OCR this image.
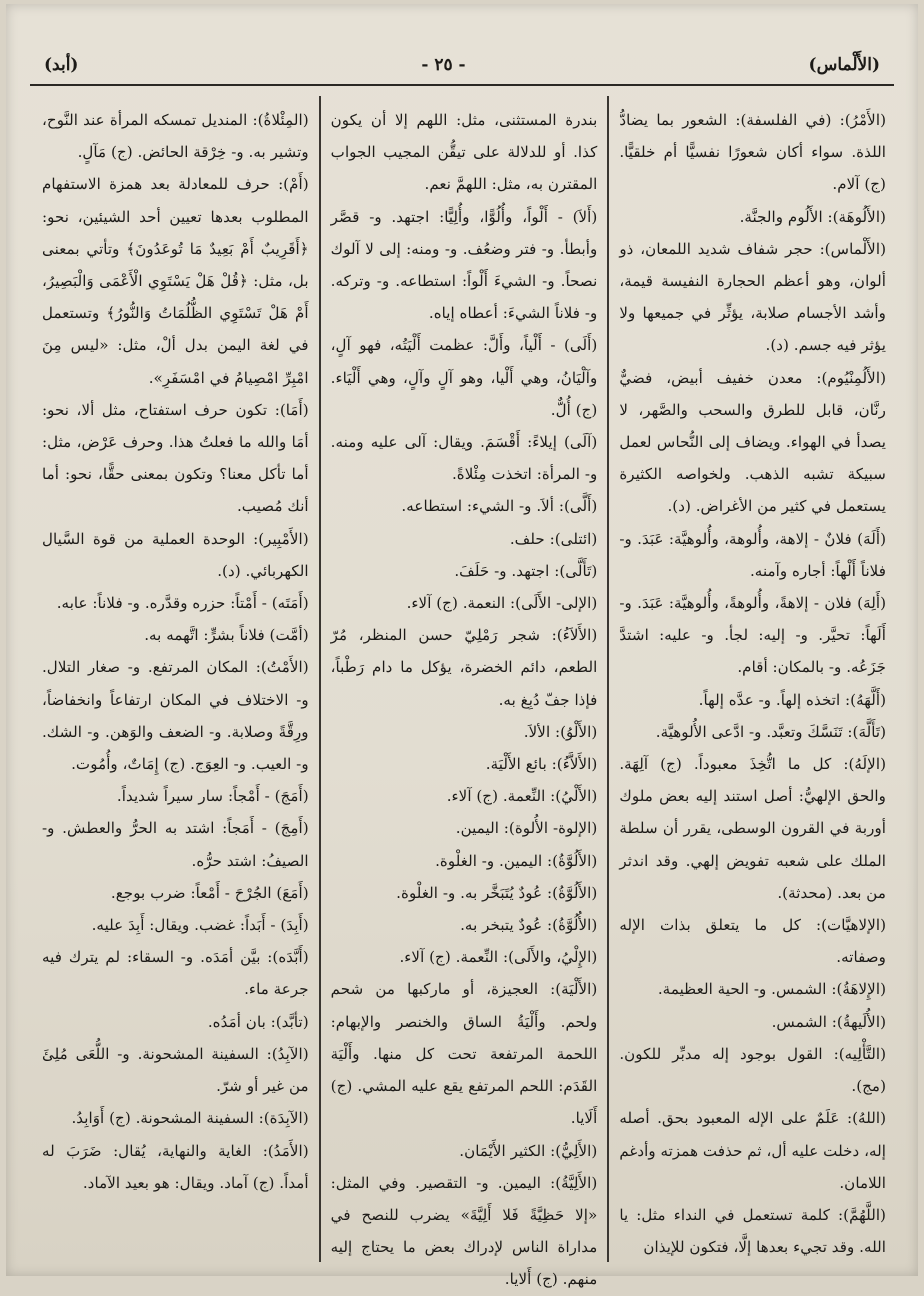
(الأَلْماس)
- ٢٥ -
(أبد)

(الأَمْرُ): (في الفلسفة): الشعور بما يضادُّ اللذة. سواء أكان شعورًا نفسيًّا أم خلقيًّا. (ج) آلام.

(الأَلُوهَة): الأَلُوم والجنَّة.

(الأَلْماس): حجر شفاف شديد اللمعان، ذو ألوان، وهو أعظم الحجارة النفيسة قيمة، وأشد الأجسام صلابة، يؤثِّر في جميعها ولا يؤثر فيه جسم. (د).

(الأَلُمِنْيُوم): معدن خفيف أبيض، فضيٌّ رنَّان، قابل للطرق والسحب والصَّهر، لا يصدأ في الهواء. ويضاف إلى النُّحاس لعمل سبيكة تشبه الذهب. ولخواصه الكثيرة يستعمل في كثير من الأغراض. (د).

(أَلَهَ) فلانٌ - إلاهة، وأُلوهة، وأُلوهيَّة: عَبَدَ. و- فلاناً أَلْهاً: أجاره وآمنه.

(أَلِهَ) فلان - إلاهةً، وأُلوهةً، وأُلوهيَّة: عَبَدَ. و- أَلَهاً: تحيَّر. و- إليه: لجأ. و- عليه: اشتدَّ جَزَعُه. و- بالمكان: أقام.

(أَلَّهَهُ): اتخذه إلهاً. و- عدَّه إلهاً.

(تَأَلَّهَ): تَنَسَّكَ وتعبَّد. و- ادَّعى الأُلوهيَّة.

(الإلَهُ): كل ما اتُّخِذَ معبوداً. (ج) آلِهَة. والحق الإلهيُّ: أصل استند إليه بعض ملوك أوربة في القرون الوسطى، يقرر أن سلطة الملك على شعبه تفويض إلهي. وقد اندثر من بعد. (محدثة).

(الإلاهيَّات): كل ما يتعلق بذات الإله وصفاته.

(الإِلاهَةُ): الشمس. و- الحية العظيمة.

(الأُلَيهةُ): الشمس.

(التَّأْلِيه): القول بوجود إله مدبِّر للكون. (مج).

(اللهُ): عَلَمٌ على الإله المعبود بحق. أصله إله، دخلت عليه أل، ثم حذفت همزته وأدغم اللامان.

(اللَّهُمَّ): كلمة تستعمل في النداء مثل: يا الله. وقد تجيء بعدها إلَّا، فتكون للإيذان

بندرة المستثنى، مثل: اللهم إلا أن يكون كذا. أو للدلالة على تيقُّن المجيب الجواب المقترن به، مثل: اللهمَّ نعم.

(أَلاَ) - أَلْواً، وأُلُوًّا، وأُلِيًّا: اجتهد. و- قصَّر وأبطأ. و- فتر وضعُف. و- ومنه: إلى لا آلوك نصحاً. و- الشيءَ أَلْواً: استطاعه. و- وتركه. و- فلاناً الشيءَ: أعطاه إياه.

(أَلَى) - أَلْياً، وأَلَّ: عظمت أَلْيَتُه، فهو آلٍ، وآلْيَانُ، وهي أَلْيا، وهو آلٍ وآلٍ، وهي أَلْيَاء. (ج) أُلٌّ.

(آلَى) إيلاءً: أَقْسَمَ. ويقال: آلى عليه ومنه. و- المرأة: اتخذت مِئْلاةً.

(أَلَّى): ألاَ. و- الشيء: استطاعه.

(ائتلى): حلف.

(تَأَلَّى): اجتهد. و- حَلَفَ.

(الإلى- الأَلَى): النعمة. (ج) آلاء.

(الأَلاَءُ): شجر رَمْلِيّ حسن المنظر، مُرّ الطعم، دائم الخضرة، يؤكل ما دام رَطْباً، فإذا جفّ دُبِغ به.

(الأَلْوُ): الألاَ.

(الأَلاَّءُ): بائع الأَلْيَة.

(الأَلْيُ): النِّعمة. (ج) آلاء.

(الإلوة- الأُلوة): اليمين.

(الأَلُوَّةُ): اليمين. و- الغلْوة.

(الأَلُوَّةُ): عُودٌ يُتَبَخَّر به. و- الغلْوة.

(الأُلُوَّةُ): عُودٌ يتبخر به.

(الإِلْيُ، والأَلَى): النِّعمة. (ج) آلاء.

(الأَلْيَة): العجيزة، أو ماركبها من شحم ولحم. وأَلْيَةُ الساق والخنصر والإبهام: اللحمة المرتفعة تحت كل منها. وأَلْيَة القَدَم: اللحم المرتفع يقع عليه المشي. (ج) أَلَايا.

(الأَلِيُّ): الكثير الأَيْمَان.

(الأَلِيَّةُ): اليمين. و- التقصير. وفي المثل: «إلا حَظِيَّةً فَلا أَلِيَّةَ» يضرب للنصح في مداراة الناس لإدراك بعض ما يحتاج إليه منهم. (ج) أَلايا.

(المِئْلاةُ): المنديل تمسكه المرأة عند النَّوح، وتشير به. و- خِرْقة الحائض. (ج) مَآلٍ.

(أَمْ): حرف للمعادلة بعد همزة الاستفهام المطلوب بعدها تعيين أحد الشيئين، نحو: ﴿أَقَرِيبٌ أَمْ بَعِيدٌ مَا تُوعَدُونَ﴾ وتأتي بمعنى بل، مثل: ﴿قُلْ هَلْ يَسْتَوِي الْأَعْمَى وَالْبَصِيرُ، أَمْ هَلْ تَسْتَوِي الظُّلُمَاتُ وَالنُّورُ﴾ وتستعمل في لغة اليمن بدل ألْ، مثل: «ليس مِنَ امْبِرِّ امْصِيامُ في امْسَفَرِ».

(أَمَا): تكون حرف استفتاح، مثل ألا، نحو: أمَا والله ما فعلتُ هذا. وحرف عَرْض، مثل: أما تأكل معنا؟ وتكون بمعنى حقًّا، نحو: أما أنك مُصيب.

(الأَمْبِير): الوحدة العملية من قوة السَّيال الكهربائي. (د).

(أَمَتَه) - أَمْتاً: حزره وقدَّره. و- فلاناً: عابه.

(أمَّت) فلاناً بشرٍّ: اتَّهمه به.

(الأَمْتُ): المكان المرتفع. و- صغار التلال. و- الاختلاف في المكان ارتفاعاً وانخفاضاً، ورِقَّةً وصلابة. و- الضعف والوَهن. و- الشك. و- العيب. و- العِوَج. (ج) إِمَاتٌ، وأُمُوت.

(أَمَجَ) - أَمْجاً: سار سيراً شديداً.

(أَمِجَ) - أَمَجاً: اشتد به الحرُّ والعطش. و- الصيفُ: اشتد حرُّه.

(أَمَعَ) الجُرْحَ - أَمْعاً: ضرب بوجع.

(أَبِدَ) - أَبَداً: غضب. ويقال: أَبِدَ عليه.

(أَبَّدَه): بيَّن أمَدَه. و- السقاء: لم يترك فيه جرعة ماء.

(تأبَّد): بان أمَدُه.

(الآبِدُ): السفينة المشحونة. و- اللُّعَى مُلِئَ من غير أو شرّ.

(الآبِدَة): السفينة المشحونة. (ج) أَوَابِدُ.

(الأَمَدُ): الغاية والنهاية، يُقال: ضَرَبَ له أمداً. (ج) آماد. ويقال: هو بعيد الآماد.
